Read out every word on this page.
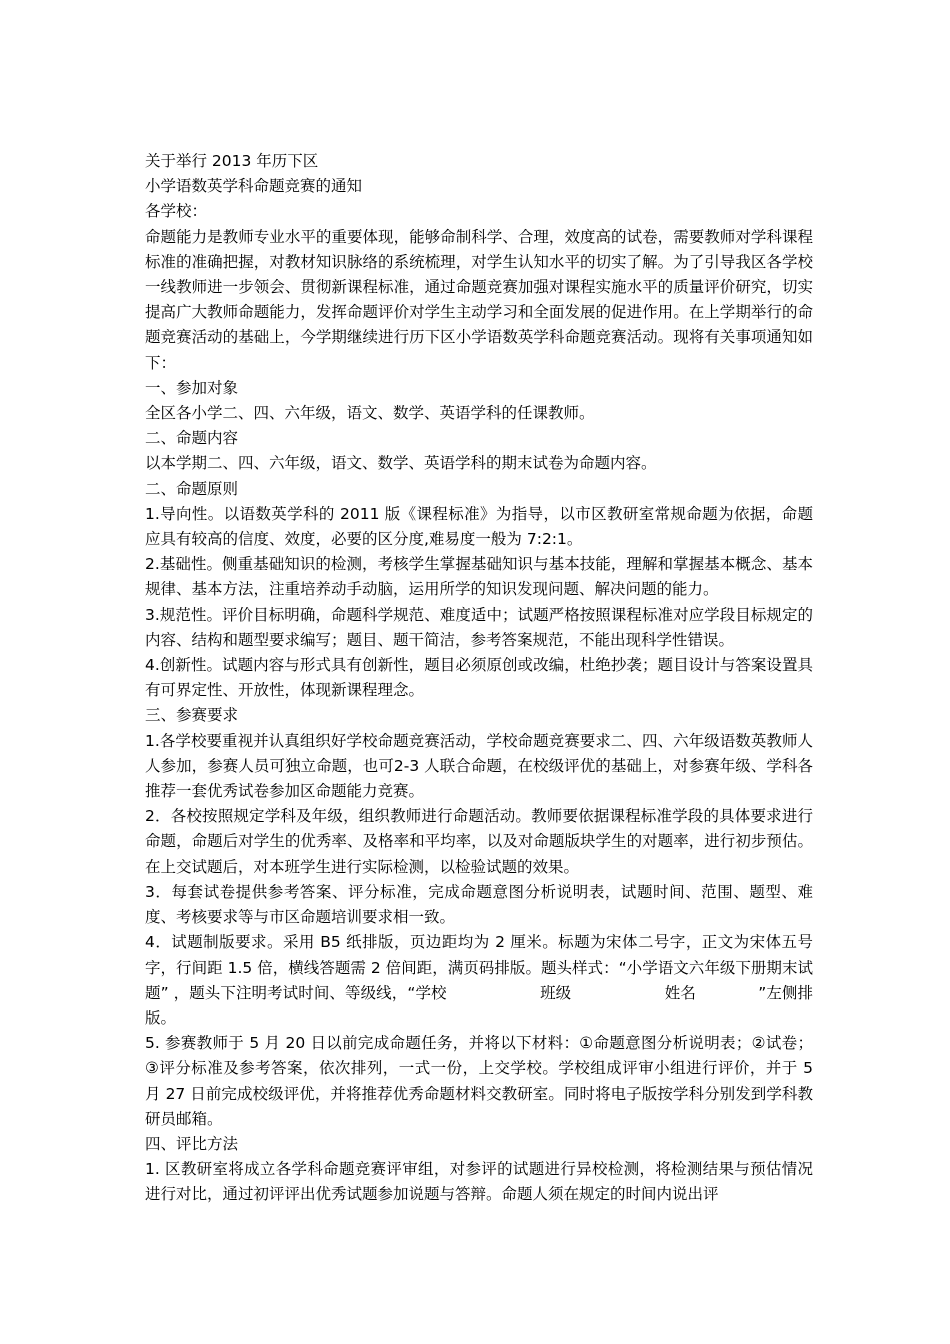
关于举行 2013 年历下区
小学语数英学科命题竞赛的通知
各学校：
命题能力是教师专业水平的重要体现，能够命制科学、合理，效度高的试卷，需要教师对学科课程标准的准确把握，对教材知识脉络的系统梳理，对学生认知水平的切实了解。为了引导我区各学校一线教师进一步领会、贯彻新课程标准，通过命题竞赛加强对课程实施水平的质量评价研究，切实提高广大教师命题能力，发挥命题评价对学生主动学习和全面发展的促进作用。在上学期举行的命题竞赛活动的基础上，今学期继续进行历下区小学语数英学科命题竞赛活动。现将有关事项通知如下：
一、参加对象
全区各小学二、四、六年级，语文、数学、英语学科的任课教师。
二、命题内容
以本学期二、四、六年级，语文、数学、英语学科的期末试卷为命题内容。
二、命题原则
1.导向性。以语数英学科的 2011 版《课程标准》为指导，以市区教研室常规命题为依据，命题应具有较高的信度、效度，必要的区分度,难易度一般为 7:2:1。
2.基础性。侧重基础知识的检测，考核学生掌握基础知识与基本技能，理解和掌握基本概念、基本规律、基本方法，注重培养动手动脑，运用所学的知识发现问题、解决问题的能力。
3.规范性。评价目标明确，命题科学规范、难度适中；试题严格按照课程标准对应学段目标规定的内容、结构和题型要求编写；题目、题干简洁，参考答案规范，不能出现科学性错误。
4.创新性。试题内容与形式具有创新性，题目必须原创或改编，杜绝抄袭；题目设计与答案设置具有可界定性、开放性，体现新课程理念。
三、参赛要求
1.各学校要重视并认真组织好学校命题竞赛活动，学校命题竞赛要求二、四、六年级语数英教师人人参加，参赛人员可独立命题，也可2-3 人联合命题，在校级评优的基础上，对参赛年级、学科各推荐一套优秀试卷参加区命题能力竞赛。
2．各校按照规定学科及年级，组织教师进行命题活动。教师要依据课程标准学段的具体要求进行命题，命题后对学生的优秀率、及格率和平均率，以及对命题版块学生的对题率，进行初步预估。在上交试题后，对本班学生进行实际检测，以检验试题的效果。
3．每套试卷提供参考答案、评分标准，完成命题意图分析说明表，试题时间、范围、题型、难度、考核要求等与市区命题培训要求相一致。
4．试题制版要求。采用 B5 纸排版，页边距均为 2 厘米。标题为宋体二号字，正文为宋体五号字，行间距 1.5 倍，横线答题需 2 倍间距，满页码排版。题头样式：“小学语文六年级下册期末试题” ，题头下注明考试时间、等级线，“学校　　　　　　班级　　　　　　姓名　　　　”左侧排版。
5. 参赛教师于 5 月 20 日以前完成命题任务，并将以下材料：①命题意图分析说明表；②试卷；③评分标准及参考答案，依次排列，一式一份，上交学校。学校组成评审小组进行评价，并于 5 月 27 日前完成校级评优，并将推荐优秀命题材料交教研室。同时将电子版按学科分别发到学科教研员邮箱。
四、评比方法
1. 区教研室将成立各学科命题竞赛评审组，对参评的试题进行异校检测，将检测结果与预估情况进行对比，通过初评评出优秀试题参加说题与答辩。命题人须在规定的时间内说出评
